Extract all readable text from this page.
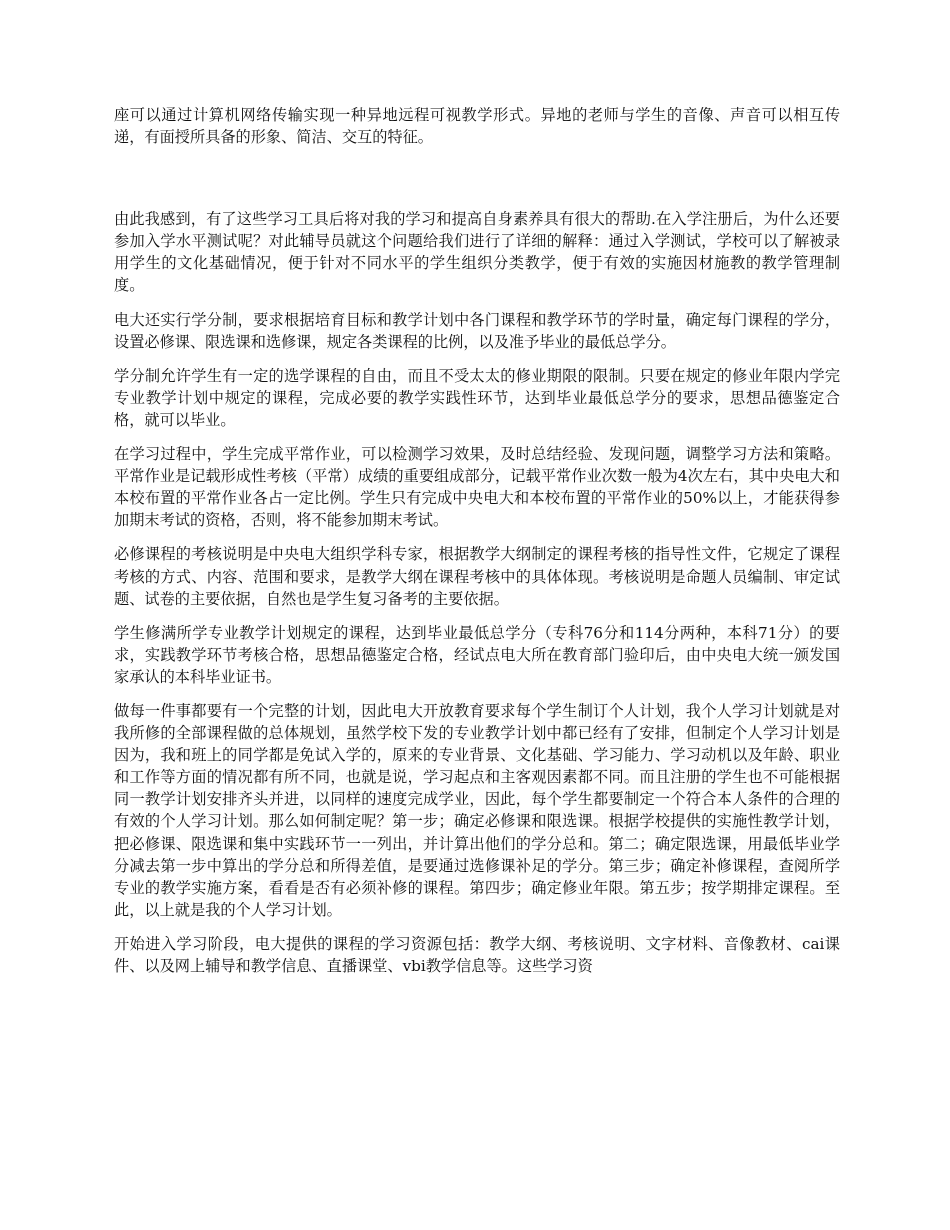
座可以通过计算机网络传输实现一种异地远程可视教学形式。异地的老师与学生的音像、声音可以相互传递，有面授所具备的形象、简洁、交互的特征。

由此我感到，有了这些学习工具后将对我的学习和提高自身素养具有很大的帮助.在入学注册后，为什么还要参加入学水平测试呢？对此辅导员就这个问题给我们进行了详细的解释：通过入学测试，学校可以了解被录用学生的文化基础情况，便于针对不同水平的学生组织分类教学，便于有效的实施因材施教的教学管理制度。

电大还实行学分制，要求根据培育目标和教学计划中各门课程和教学环节的学时量，确定每门课程的学分，设置必修课、限选课和选修课，规定各类课程的比例，以及准予毕业的最低总学分。

学分制允许学生有一定的选学课程的自由，而且不受太太的修业期限的限制。只要在规定的修业年限内学完专业教学计划中规定的课程，完成必要的教学实践性环节，达到毕业最低总学分的要求，思想品德鉴定合格，就可以毕业。

在学习过程中，学生完成平常作业，可以检测学习效果，及时总结经验、发现问题，调整学习方法和策略。平常作业是记载形成性考核（平常）成绩的重要组成部分，记载平常作业次数一般为4次左右，其中央电大和本校布置的平常作业各占一定比例。学生只有完成中央电大和本校布置的平常作业的50%以上，才能获得参加期末考试的资格，否则，将不能参加期末考试。

必修课程的考核说明是中央电大组织学科专家，根据教学大纲制定的课程考核的指导性文件，它规定了课程考核的方式、内容、范围和要求，是教学大纲在课程考核中的具体体现。考核说明是命题人员编制、审定试题、试卷的主要依据，自然也是学生复习备考的主要依据。

学生修满所学专业教学计划规定的课程，达到毕业最低总学分（专科76分和114分两种，本科71分）的要求，实践教学环节考核合格，思想品德鉴定合格，经试点电大所在教育部门验印后，由中央电大统一颁发国家承认的本科毕业证书。

做每一件事都要有一个完整的计划，因此电大开放教育要求每个学生制订个人计划，我个人学习计划就是对我所修的全部课程做的总体规划，虽然学校下发的专业教学计划中都已经有了安排，但制定个人学习计划是因为，我和班上的同学都是免试入学的，原来的专业背景、文化基础、学习能力、学习动机以及年龄、职业和工作等方面的情况都有所不同，也就是说，学习起点和主客观因素都不同。而且注册的学生也不可能根据同一教学计划安排齐头并进，以同样的速度完成学业，因此，每个学生都要制定一个符合本人条件的合理的有效的个人学习计划。那么如何制定呢？第一步；确定必修课和限选课。根据学校提供的实施性教学计划，把必修课、限选课和集中实践环节一一列出，并计算出他们的学分总和。第二；确定限选课，用最低毕业学分减去第一步中算出的学分总和所得差值，是要通过选修课补足的学分。第三步；确定补修课程，查阅所学专业的教学实施方案，看看是否有必须补修的课程。第四步；确定修业年限。第五步；按学期排定课程。至此，以上就是我的个人学习计划。

开始进入学习阶段，电大提供的课程的学习资源包括：教学大纲、考核说明、文字材料、音像教材、cai课件、以及网上辅导和教学信息、直播课堂、vbi教学信息等。这些学习资
